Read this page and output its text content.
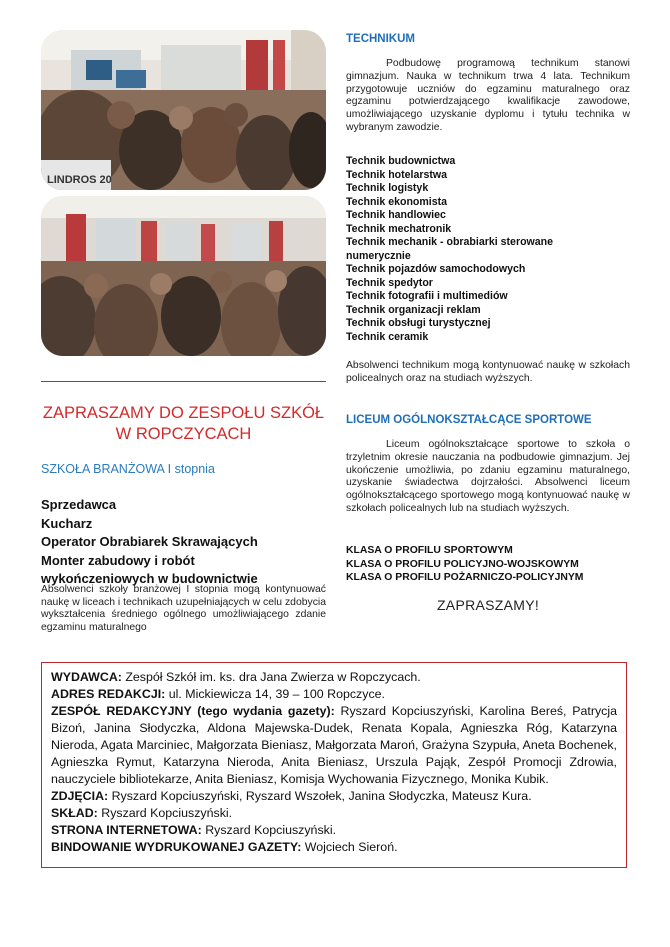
LINDROS 20
ZAPRASZAMY DO ZESPOŁU SZKÓŁ W ROPCZYCACH
SZKOŁA BRANŻOWA I stopnia
Sprzedawca
Kucharz
Operator Obrabiarek Skrawających
Monter zabudowy i robót
wykończeniowych w budownictwie
Absolwenci szkoły branżowej I stopnia mogą kontynuować naukę w liceach i technikach uzupełniających w celu zdobycia wykształcenia średniego ogólnego umożliwiającego zdanie egzaminu maturalnego
TECHNIKUM
Podbudowę programową technikum stanowi gimnazjum. Nauka w technikum trwa 4 lata. Technikum przygotowuje uczniów do egzaminu maturalnego oraz egzaminu potwierdzającego kwalifikacje zawodowe, umożliwiającego uzyskanie dyplomu i tytułu technika w wybranym zawodzie.
Technik budownictwa
Technik hotelarstwa
Technik logistyk
Technik ekonomista
Technik handlowiec
Technik mechatronik
Technik mechanik - obrabiarki sterowane
numerycznie
Technik pojazdów samochodowych
Technik spedytor
Technik fotografii i multimediów
Technik organizacji reklam
Technik obsługi turystycznej
Technik ceramik
Absolwenci technikum mogą kontynuować naukę w szkołach policealnych oraz na studiach wyższych.
LICEUM OGÓLNOKSZTAŁCĄCE SPORTOWE
Liceum ogólnokształcące sportowe to szkoła o trzyletnim okresie nauczania na podbudowie gimnazjum. Jej ukończenie umożliwia, po zdaniu egzaminu maturalnego, uzyskanie świadectwa dojrzałości. Absolwenci liceum ogólnokształcącego sportowego mogą kontynuować naukę w szkołach policealnych lub na studiach wyższych.
KLASA O PROFILU SPORTOWYM
KLASA O PROFILU POLICYJNO-WOJSKOWYM
KLASA O PROFILU POŻARNICZO-POLICYJNYM
ZAPRASZAMY!

WYDAWCA: Zespół Szkół im. ks. dra Jana Zwierza w Ropczycach.

ADRES REDAKCJI: ul. Mickiewicza 14, 39 – 100 Ropczyce.

ZESPÓŁ REDAKCYJNY (tego wydania gazety): Ryszard Kopciuszyński, Karolina Bereś, Patrycja Bizoń, Janina Słodyczka, Aldona Majewska-Dudek, Renata Kopala, Agnieszka Róg, Katarzyna Nieroda, Agata Marciniec, Małgorzata Bieniasz, Małgorzata Maroń, Grażyna Szypuła, Aneta Bochenek, Agnieszka Rymut, Katarzyna Nieroda, Anita Bieniasz, Urszula Pająk, Zespół Promocji Zdrowia, nauczyciele bibliotekarze, Anita Bieniasz, Komisja Wychowania Fizycznego, Monika Kubik.

ZDJĘCIA: Ryszard Kopciuszyński, Ryszard Wszołek, Janina Słodyczka, Mateusz Kura.

SKŁAD: Ryszard Kopciuszyński.

STRONA INTERNETOWA: Ryszard Kopciuszyński.

BINDOWANIE WYDRUKOWANEJ GAZETY: Wojciech Sieroń.
